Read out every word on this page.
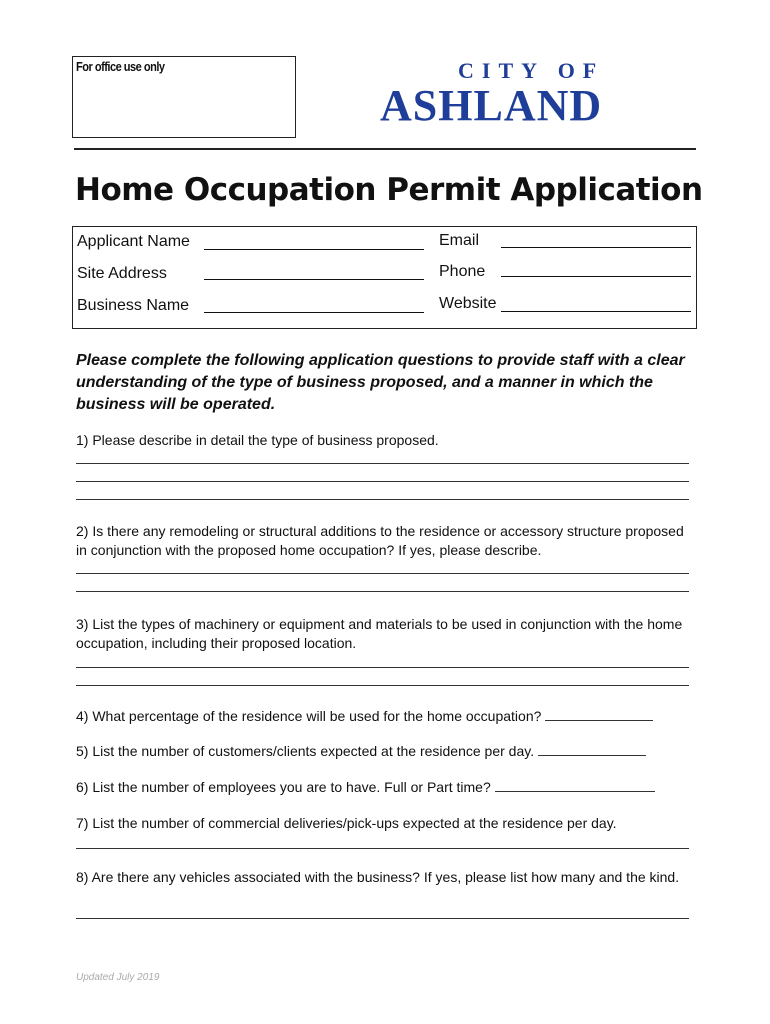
For office use only	CITY OF
ASHLAND
Home Occupation Permit Application
Applicant Name
Site Address
Business Name
Email
Phone
Website
Please complete the following application questions to provide staff with a clear understanding of the type of business proposed, and a manner in which the business will be operated.
1) Please describe in detail the type of business proposed.
2) Is there any remodeling or structural additions to the residence or accessory structure proposed in conjunction with the proposed home occupation? If yes, please describe.
3) List the types of machinery or equipment and materials to be used in conjunction with the home occupation, including their proposed location.
4) What percentage of the residence will be used for the home occupation?
5) List the number of customers/clients expected at the residence per day.
6) List the number of employees you are to have. Full or Part time?
7) List the number of commercial deliveries/pick-ups expected at the residence per day.
8) Are there any vehicles associated with the business? If yes, please list how many and the kind.
Updated July 2019
